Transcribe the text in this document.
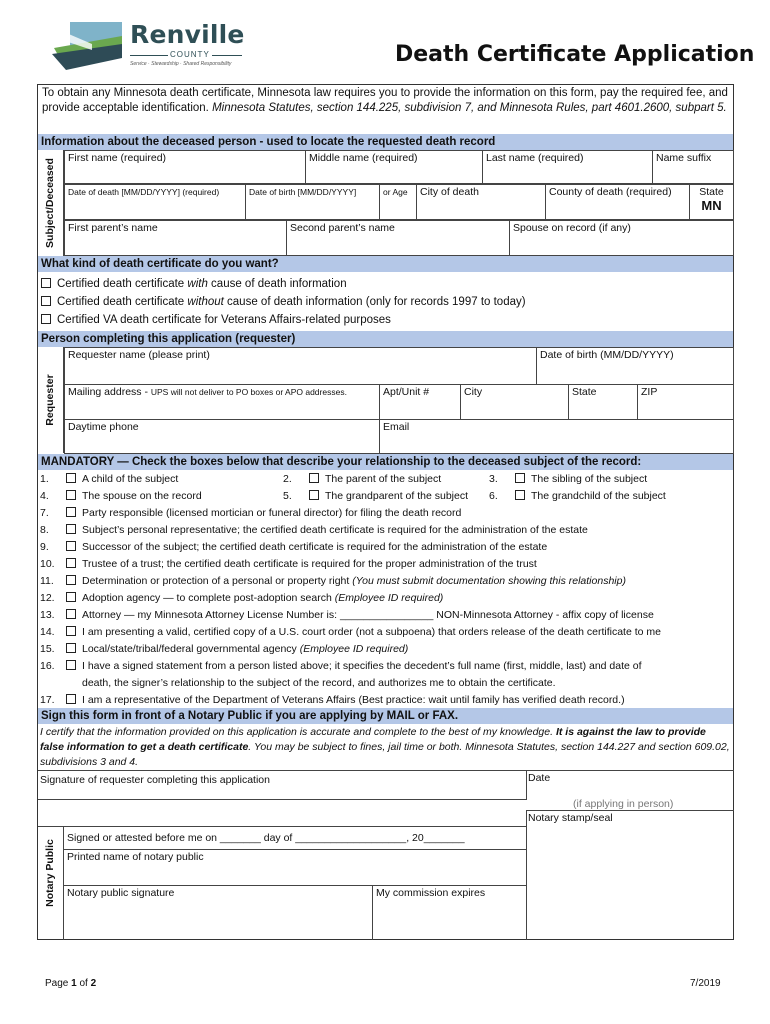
Renville
COUNTY
Service · Stewardship · Shared Responsibility	Death Certificate Application
To obtain any Minnesota death certificate, Minnesota law requires you to provide the information on this form, pay the required fee, and provide acceptable identification. Minnesota Statutes, section 144.225, subdivision 7, and Minnesota Rules, part 4601.2600, subpart 5.
Information about the deceased person - used to locate the requested death record
Subject/Deceased
First name (required)	Middle name (required)	Last name (required)	Name suffix
Date of death [MM/DD/YYYY] (required)	Date of birth [MM/DD/YYYY]	or Age	City of death	County of death (required)	State
MN
First parent’s name	Second parent’s name	Spouse on record (if any)
What kind of death certificate do you want?
Certified death certificate with cause of death information
Certified death certificate without cause of death information (only for records 1997 to today)
Certified VA death certificate for Veterans Affairs-related purposes
Person completing this application (requester)
Requester
Requester name (please print)	Date of birth (MM/DD/YYYY)
Mailing address - UPS will not deliver to PO boxes or APO addresses.	Apt/Unit #	City	State	ZIP
Daytime phone	Email
MANDATORY — Check the boxes below that describe your relationship to the deceased subject of the record:
1.	A child of the subject	2.	The parent of the subject	3.	The sibling of the subject
4.	The spouse on the record	5.	The grandparent of the subject 6.	The grandchild of the subject
7.	Party responsible (licensed mortician or funeral director) for filing the death record
8.	Subject’s personal representative; the certified death certificate is required for the administration of the estate
9.	Successor of the subject; the certified death certificate is required for the administration of the estate
10.	Trustee of a trust; the certified death certificate is required for the proper administration of the trust
11.	Determination or protection of a personal or property right (You must submit documentation showing this relationship)
12.	Adoption agency — to complete post-adoption search (Employee ID required)
13.	Attorney — my Minnesota Attorney License Number is: ________________ NON-Minnesota Attorney - affix copy of license
14.	I am presenting a valid, certified copy of a U.S. court order (not a subpoena) that orders release of the death certificate to me
15.	Local/state/tribal/federal governmental agency (Employee ID required)
16.	I have a signed statement from a person listed above; it specifies the decedent’s full name (first, middle, last) and date of
death, the signer’s relationship to the subject of the record, and authorizes me to obtain the certificate.
17.	I am a representative of the Department of Veterans Affairs (Best practice: wait until family has verified death record.)
Sign this form in front of a Notary Public if you are applying by MAIL or FAX.
I certify that the information provided on this application is accurate and complete to the best of my knowledge. It is against the law to provide false information to get a death certificate. You may be subject to fines, jail time or both. Minnesota Statutes, section 144.227 and section 609.02, subdivisions 3 and 4.
Signature of requester completing this application	Date
(if applying in person)
Notary stamp/seal
Notary Public
Signed or attested before me on _______ day of ___________________, 20_______
Printed name of notary public
Notary public signature	My commission expires
Page 1 of 2	7/2019
